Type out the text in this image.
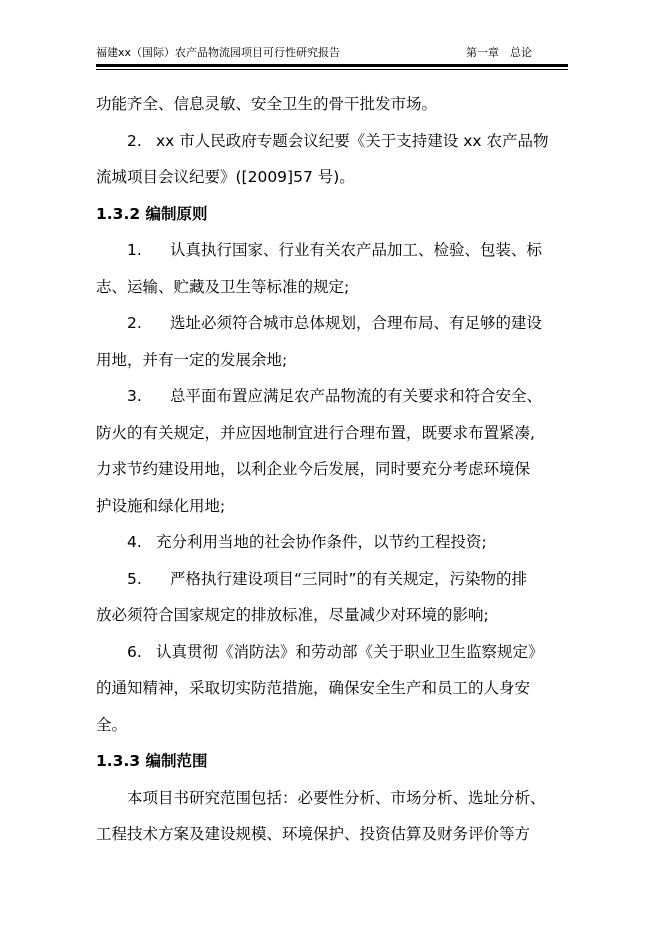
福建xx（国际）农产品物流园项目可行性研究报告	第一章　总论
功能齐全、信息灵敏、安全卫生的骨干批发市场。
2. xx 市人民政府专题会议纪要《关于支持建设 xx 农产品物
流城项目会议纪要》([2009]57 号)。
1.3.2 编制原则
1. 认真执行国家、行业有关农产品加工、检验、包装、标
志、运输、贮藏及卫生等标准的规定;
2. 选址必须符合城市总体规划，合理布局、有足够的建设
用地，并有一定的发展余地;
3. 总平面布置应满足农产品物流的有关要求和符合安全、
防火的有关规定，并应因地制宜进行合理布置，既要求布置紧凑,
力求节约建设用地，以利企业今后发展，同时要充分考虑环境保
护设施和绿化用地;
4. 充分利用当地的社会协作条件，以节约工程投资;
5. 严格执行建设项目“三同时”的有关规定，污染物的排
放必须符合国家规定的排放标准，尽量减少对环境的影响;
6. 认真贯彻《消防法》和劳动部《关于职业卫生监察规定》
的通知精神，采取切实防范措施，确保安全生产和员工的人身安
全。
1.3.3 编制范围
本项目书研究范围包括：必要性分析、市场分析、选址分析、
工程技术方案及建设规模、环境保护、投资估算及财务评价等方
